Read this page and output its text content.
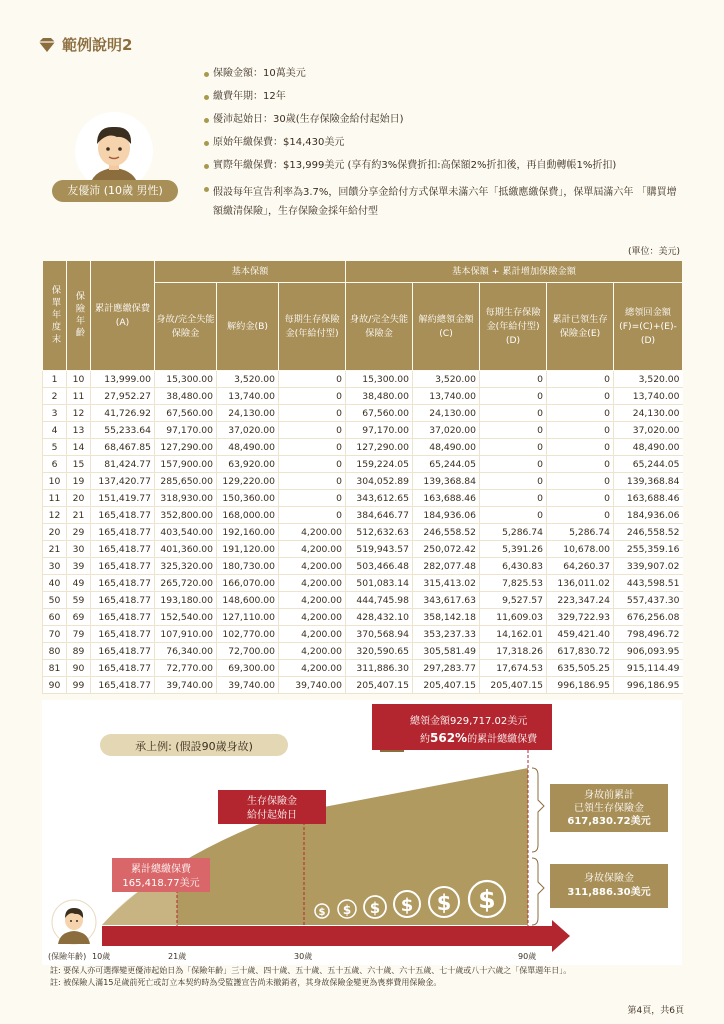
範例說明2
友優沛 (10歲 男性)
保險金額：10萬美元
繳費年期：12年
優沛起始日：30歲(生存保險金給付起始日)
原始年繳保費：$14,430美元
實際年繳保費：$13,999美元 (享有約3%保費折扣:高保額2%折扣後，再自動轉帳1%折扣)
假設每年宣告利率為3.7%，回饋分享金給付方式保單未滿六年「抵繳應繳保費」，保單屆滿六年 「購買增額繳清保險」，生存保險金採年給付型
(單位：美元)
保單年度末	保險年齡	累計應繳保費(A)	基本保額			基本保額 + 累計增加保險金額				
			身故/完全失能保險金	解約金(B)	每期生存保險金(年給付型)	身故/完全失能保險金	解約總領金額(C)	每期生存保險金(年給付型)(D)	累計已領生存保險金(E)	總領回金額(F)=(C)+(E)-(D)
1	10	13,999.00	15,300.00	3,520.00	0	15,300.00	3,520.00	0	0	3,520.00
2	11	27,952.27	38,480.00	13,740.00	0	38,480.00	13,740.00	0	0	13,740.00
3	12	41,726.92	67,560.00	24,130.00	0	67,560.00	24,130.00	0	0	24,130.00
4	13	55,233.64	97,170.00	37,020.00	0	97,170.00	37,020.00	0	0	37,020.00
5	14	68,467.85	127,290.00	48,490.00	0	127,290.00	48,490.00	0	0	48,490.00
6	15	81,424.77	157,900.00	63,920.00	0	159,224.05	65,244.05	0	0	65,244.05
10	19	137,420.77	285,650.00	129,220.00	0	304,052.89	139,368.84	0	0	139,368.84
11	20	151,419.77	318,930.00	150,360.00	0	343,612.65	163,688.46	0	0	163,688.46
12	21	165,418.77	352,800.00	168,000.00	0	384,646.77	184,936.06	0	0	184,936.06
20	29	165,418.77	403,540.00	192,160.00	4,200.00	512,632.63	246,558.52	5,286.74	5,286.74	246,558.52
21	30	165,418.77	401,360.00	191,120.00	4,200.00	519,943.57	250,072.42	5,391.26	10,678.00	255,359.16
30	39	165,418.77	325,320.00	180,730.00	4,200.00	503,466.48	282,077.48	6,430.83	64,260.37	339,907.02
40	49	165,418.77	265,720.00	166,070.00	4,200.00	501,083.14	315,413.02	7,825.53	136,011.02	443,598.51
50	59	165,418.77	193,180.00	148,600.00	4,200.00	444,745.98	343,617.63	9,527.57	223,347.24	557,437.30
60	69	165,418.77	152,540.00	127,110.00	4,200.00	428,432.10	358,142.18	11,609.03	329,722.93	676,256.08
70	79	165,418.77	107,910.00	102,770.00	4,200.00	370,568.94	353,237.33	14,162.01	459,421.40	798,496.72
80	89	165,418.77	76,340.00	72,700.00	4,200.00	320,590.65	305,581.49	17,318.26	617,830.72	906,093.95
81	90	165,418.77	72,770.00	69,300.00	4,200.00	311,886.30	297,283.77	17,674.53	635,505.25	915,114.49
90	99	165,418.77	39,740.00	39,740.00	39,740.00	205,407.15	205,407.15	205,407.15	996,186.95	996,186.95
$ $ $ $ $ $
總領金額929,717.02美元
約562%的累計總繳保費
承上例: (假設90歲身故)
生存保險金
給付起始日
累計總繳保費
165,418.77美元
身故前累計
已領生存保險金
617,830.72美元
身故保險金
311,886.30美元
(保險年齡) 10歲	21歲	30歲	90歲
註: 要保人亦可選擇變更優沛起始日為「保險年齡」三十歲、四十歲、五十歲、五十五歲、六十歲、六十五歲、七十歲或八十六歲之「保單週年日」。
註: 被保險人滿15足歲前死亡或訂立本契約時為受監護宣告尚未撤銷者，其身故保險金變更為喪葬費用保險金。
第4頁，共6頁
